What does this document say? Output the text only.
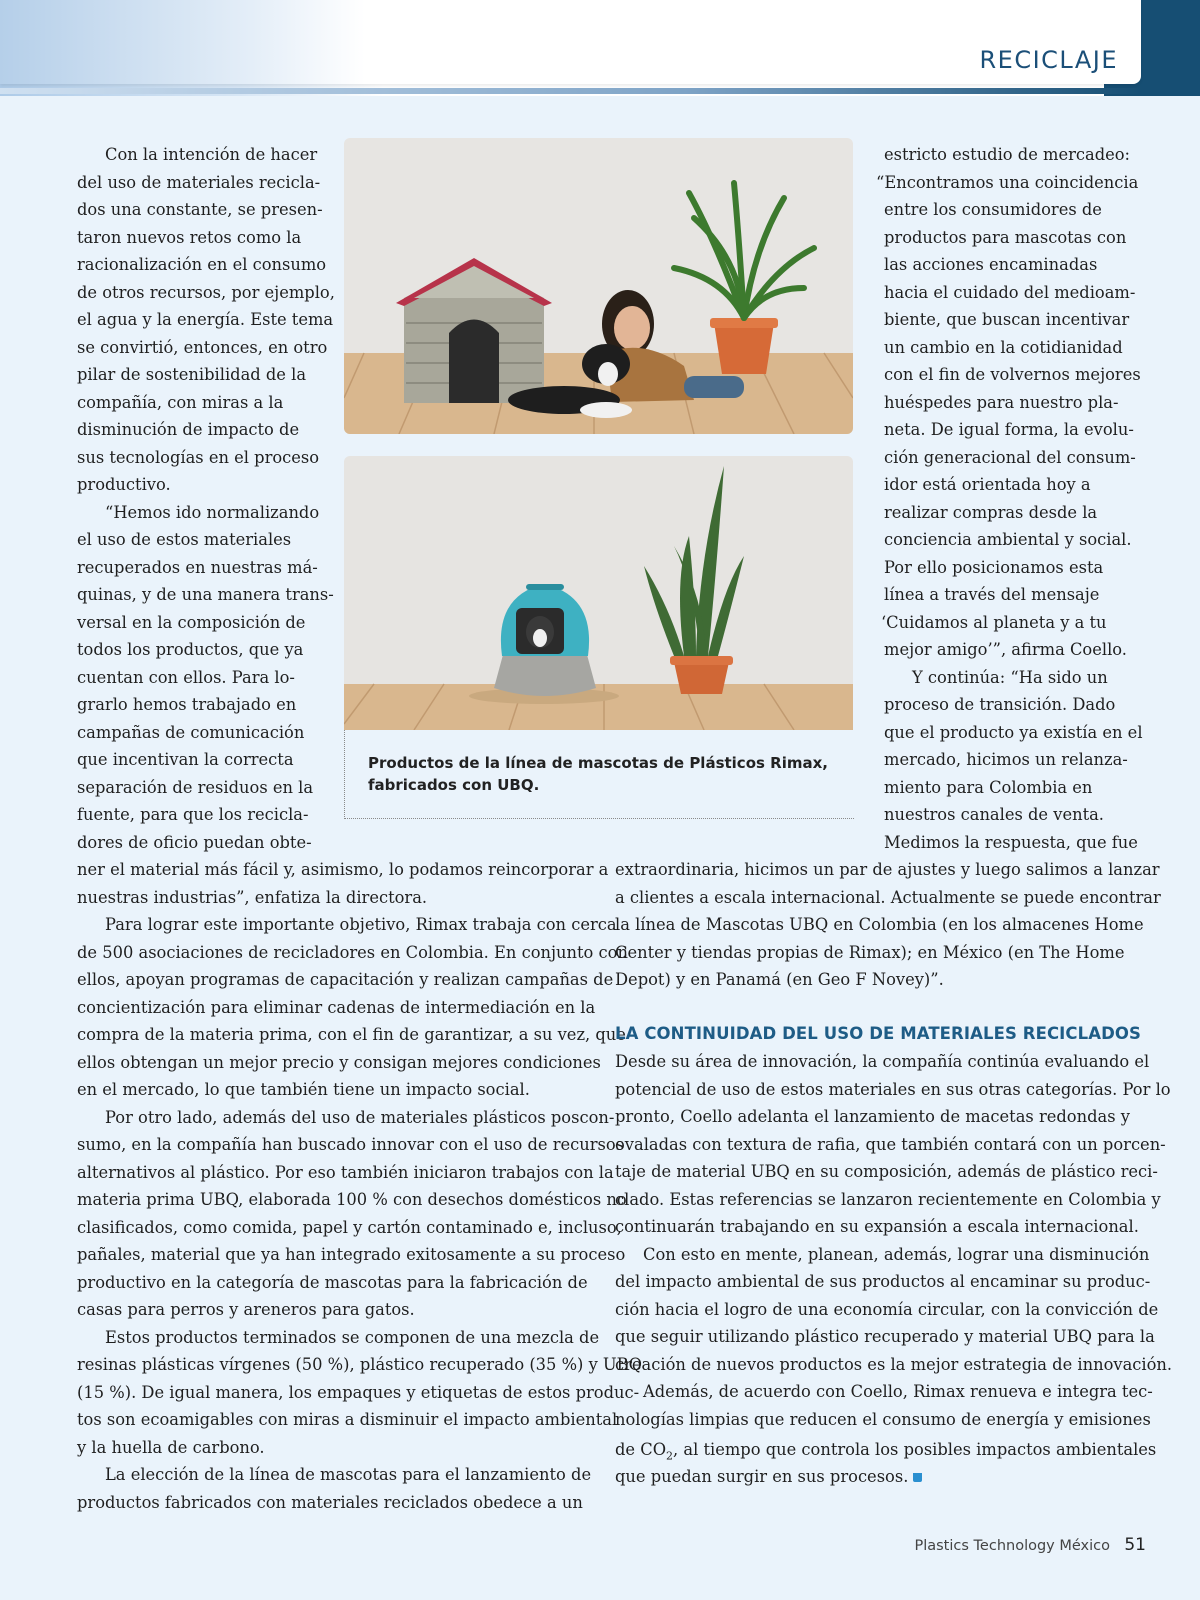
RECICLAJE
Con la intención de hacer
del uso de materiales recicla-
dos una constante, se presen-
taron nuevos retos como la
racionalización en el consumo
de otros recursos, por ejemplo,
el agua y la energía. Este tema
se convirtió, entonces, en otro
pilar de sostenibilidad de la
compañía, con miras a la
disminución de impacto de
sus tecnologías en el proceso
productivo.
“Hemos ido normalizando
el uso de estos materiales
recuperados en nuestras má-
quinas, y de una manera trans-
versal en la composición de
todos los productos, que ya
cuentan con ellos. Para lo-
grarlo hemos trabajado en
campañas de comunicación
que incentivan la correcta
separación de residuos en la
fuente, para que los recicla-
dores de oficio puedan obte-
ner el material más fácil y, asimismo, lo podamos reincorporar a
nuestras industrias”, enfatiza la directora.
Para lograr este importante objetivo, Rimax trabaja con cerca
de 500 asociaciones de recicladores en Colombia. En conjunto con
ellos, apoyan programas de capacitación y realizan campañas de
concientización para eliminar cadenas de intermediación en la
compra de la materia prima, con el fin de garantizar, a su vez, que
ellos obtengan un mejor precio y consigan mejores condiciones
en el mercado, lo que también tiene un impacto social.
Por otro lado, además del uso de materiales plásticos poscon-
sumo, en la compañía han buscado innovar con el uso de recursos
alternativos al plástico. Por eso también iniciaron trabajos con la
materia prima UBQ, elaborada 100 % con desechos domésticos no
clasificados, como comida, papel y cartón contaminado e, incluso,
pañales, material que ya han integrado exitosamente a su proceso
productivo en la categoría de mascotas para la fabricación de
casas para perros y areneros para gatos.
Estos productos terminados se componen de una mezcla de
resinas plásticas vírgenes (50 %), plástico recuperado (35 %) y UBQ
(15 %). De igual manera, los empaques y etiquetas de estos produc-
tos son ecoamigables con miras a disminuir el impacto ambiental
y la huella de carbono.
La elección de la línea de mascotas para el lanzamiento de
productos fabricados con materiales reciclados obedece a un
estricto estudio de mercadeo:
“Encontramos una coincidencia
entre los consumidores de
productos para mascotas con
las acciones encaminadas
hacia el cuidado del medioam-
biente, que buscan incentivar
un cambio en la cotidianidad
con el fin de volvernos mejores
huéspedes para nuestro pla-
neta. De igual forma, la evolu-
ción generacional del consum-
idor está orientada hoy a
realizar compras desde la
conciencia ambiental y social.
Por ello posicionamos esta
línea a través del mensaje
‘Cuidamos al planeta y a tu
mejor amigo’”, afirma Coello.
Y continúa: “Ha sido un
proceso de transición. Dado
que el producto ya existía en el
mercado, hicimos un relanza-
miento para Colombia en
nuestros canales de venta.
Medimos la respuesta, que fue
extraordinaria, hicimos un par de ajustes y luego salimos a lanzar
a clientes a escala internacional. Actualmente se puede encontrar
la línea de Mascotas UBQ en Colombia (en los almacenes Home
Center y tiendas propias de Rimax); en México (en The Home
Depot) y en Panamá (en Geo F Novey)”.
LA CONTINUIDAD DEL USO DE MATERIALES RECICLADOS
Desde su área de innovación, la compañía continúa evaluando el
potencial de uso de estos materiales en sus otras categorías. Por lo
pronto, Coello adelanta el lanzamiento de macetas redondas y
ovaladas con textura de rafia, que también contará con un porcen-
taje de material UBQ en su composición, además de plástico reci-
clado. Estas referencias se lanzaron recientemente en Colombia y
continuarán trabajando en su expansión a escala internacional.
Con esto en mente, planean, además, lograr una disminución
del impacto ambiental de sus productos al encaminar su produc-
ción hacia el logro de una economía circular, con la convicción de
que seguir utilizando plástico recuperado y material UBQ para la
creación de nuevos productos es la mejor estrategia de innovación.
Además, de acuerdo con Coello, Rimax renueva e integra tec-
nologías limpias que reducen el consumo de energía y emisiones
de $CO_2$, al tiempo que controla los posibles impactos ambientales
que puedan surgir en sus procesos.
Productos de la línea de mascotas de Plásticos Rimax,
fabricados con UBQ.
Plastics Technology México 51
